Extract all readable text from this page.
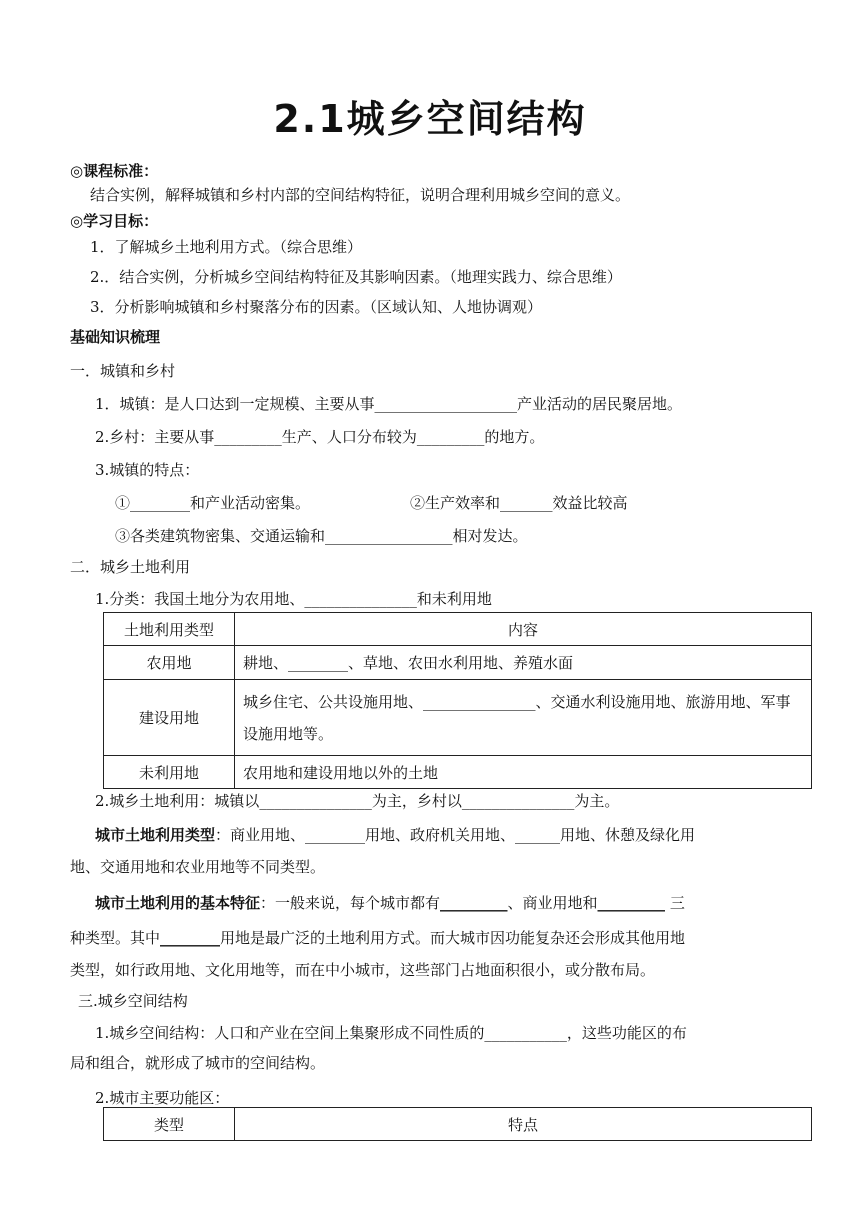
2.1城乡空间结构
◎课程标准：
结合实例，解释城镇和乡村内部的空间结构特征，说明合理利用城乡空间的意义。
◎学习目标：
1．了解城乡土地利用方式。（综合思维）
2.．结合实例，分析城乡空间结构特征及其影响因素。（地理实践力、综合思维）
3．分析影响城镇和乡村聚落分布的因素。（区域认知、人地协调观）
基础知识梳理
一．城镇和乡村
1．城镇：是人口达到一定规模、主要从事___________________产业活动的居民聚居地。
2.乡村：主要从事_________生产、人口分布较为_________的地方。
3.城镇的特点：
①________和产业活动密集。	②生产效率和_______效益比较高
③各类建筑物密集、交通运输和_________________相对发达。
二．城乡土地利用
1.分类：我国土地分为农用地、_______________和未利用地
土地利用类型	内容
农用地	耕地、________、草地、农田水利用地、养殖水面
建设用地	城乡住宅、公共设施用地、_______________、交通水利设施用地、旅游用地、军事设施用地等。
未利用地	农用地和建设用地以外的土地
2.城乡土地利用：城镇以_______________为主，乡村以_______________为主。
城市土地利用类型：商业用地、________用地、政府机关用地、______用地、休憩及绿化用
地、交通用地和农业用地等不同类型。
城市土地利用的基本特征：一般来说，每个城市都有_________、商业用地和_________ 三
种类型。其中________用地是最广泛的土地利用方式。而大城市因功能复杂还会形成其他用地
类型，如行政用地、文化用地等，而在中小城市，这些部门占地面积很小，或分散布局。
三.城乡空间结构
1.城乡空间结构：人口和产业在空间上集聚形成不同性质的___________，这些功能区的布
局和组合，就形成了城市的空间结构。
2.城市主要功能区：
类型	特点
